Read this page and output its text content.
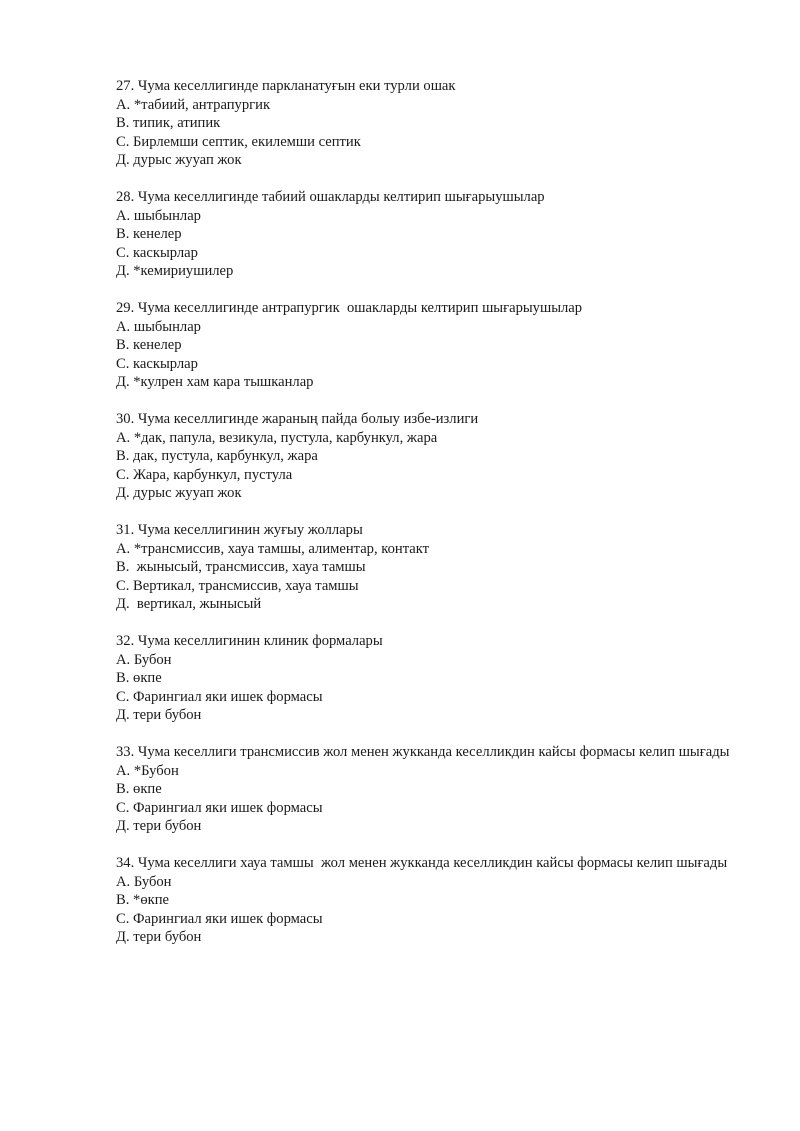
27. Чума кеселлигинде паркланатуғын еки турли ошак
А. *табиий, антрапургик
В. типик, атипик
С. Бирлемши септик, екилемши септик
Д. дурыс жууап жок
28. Чума кеселлигинде табиий ошакларды келтирип шығарыушылар
А. шыбынлар
В. кенелер
С. каскырлар
Д. *кемириушилер
29. Чума кеселлигинде антрапургик  ошакларды келтирип шығарыушылар
А. шыбынлар
В. кенелер
С. каскырлар
Д. *кулрен хам кара тышканлар
30. Чума кеселлигинде жараның пайда болыу избе-излиги
А. *дак, папула, везикула, пустула, карбункул, жара
В. дак, пустула, карбункул, жара
С. Жара, карбункул, пустула
Д. дурыс жууап жок
31. Чума кеселлигинин жуғыу жоллары
А. *трансмиссив, хауа тамшы, алиментар, контакт
В.  жынысый, трансмиссив, хауа тамшы
С. Вертикал, трансмиссив, хауа тамшы
Д.  вертикал, жынысый
32. Чума кеселлигинин клиник формалары
А. Бубон
В. өкпе
С. Фарингиал яки ишек формасы
Д. тери бубон
33. Чума кеселлиги трансмиссив жол менен жукканда кеселликдин кайсы формасы келип шығады
А. *Бубон
В. өкпе
С. Фарингиал яки ишек формасы
Д. тери бубон
34. Чума кеселлиги хауа тамшы  жол менен жукканда кеселликдин кайсы формасы келип шығады
А. Бубон
В. *өкпе
С. Фарингиал яки ишек формасы
Д. тери бубон
